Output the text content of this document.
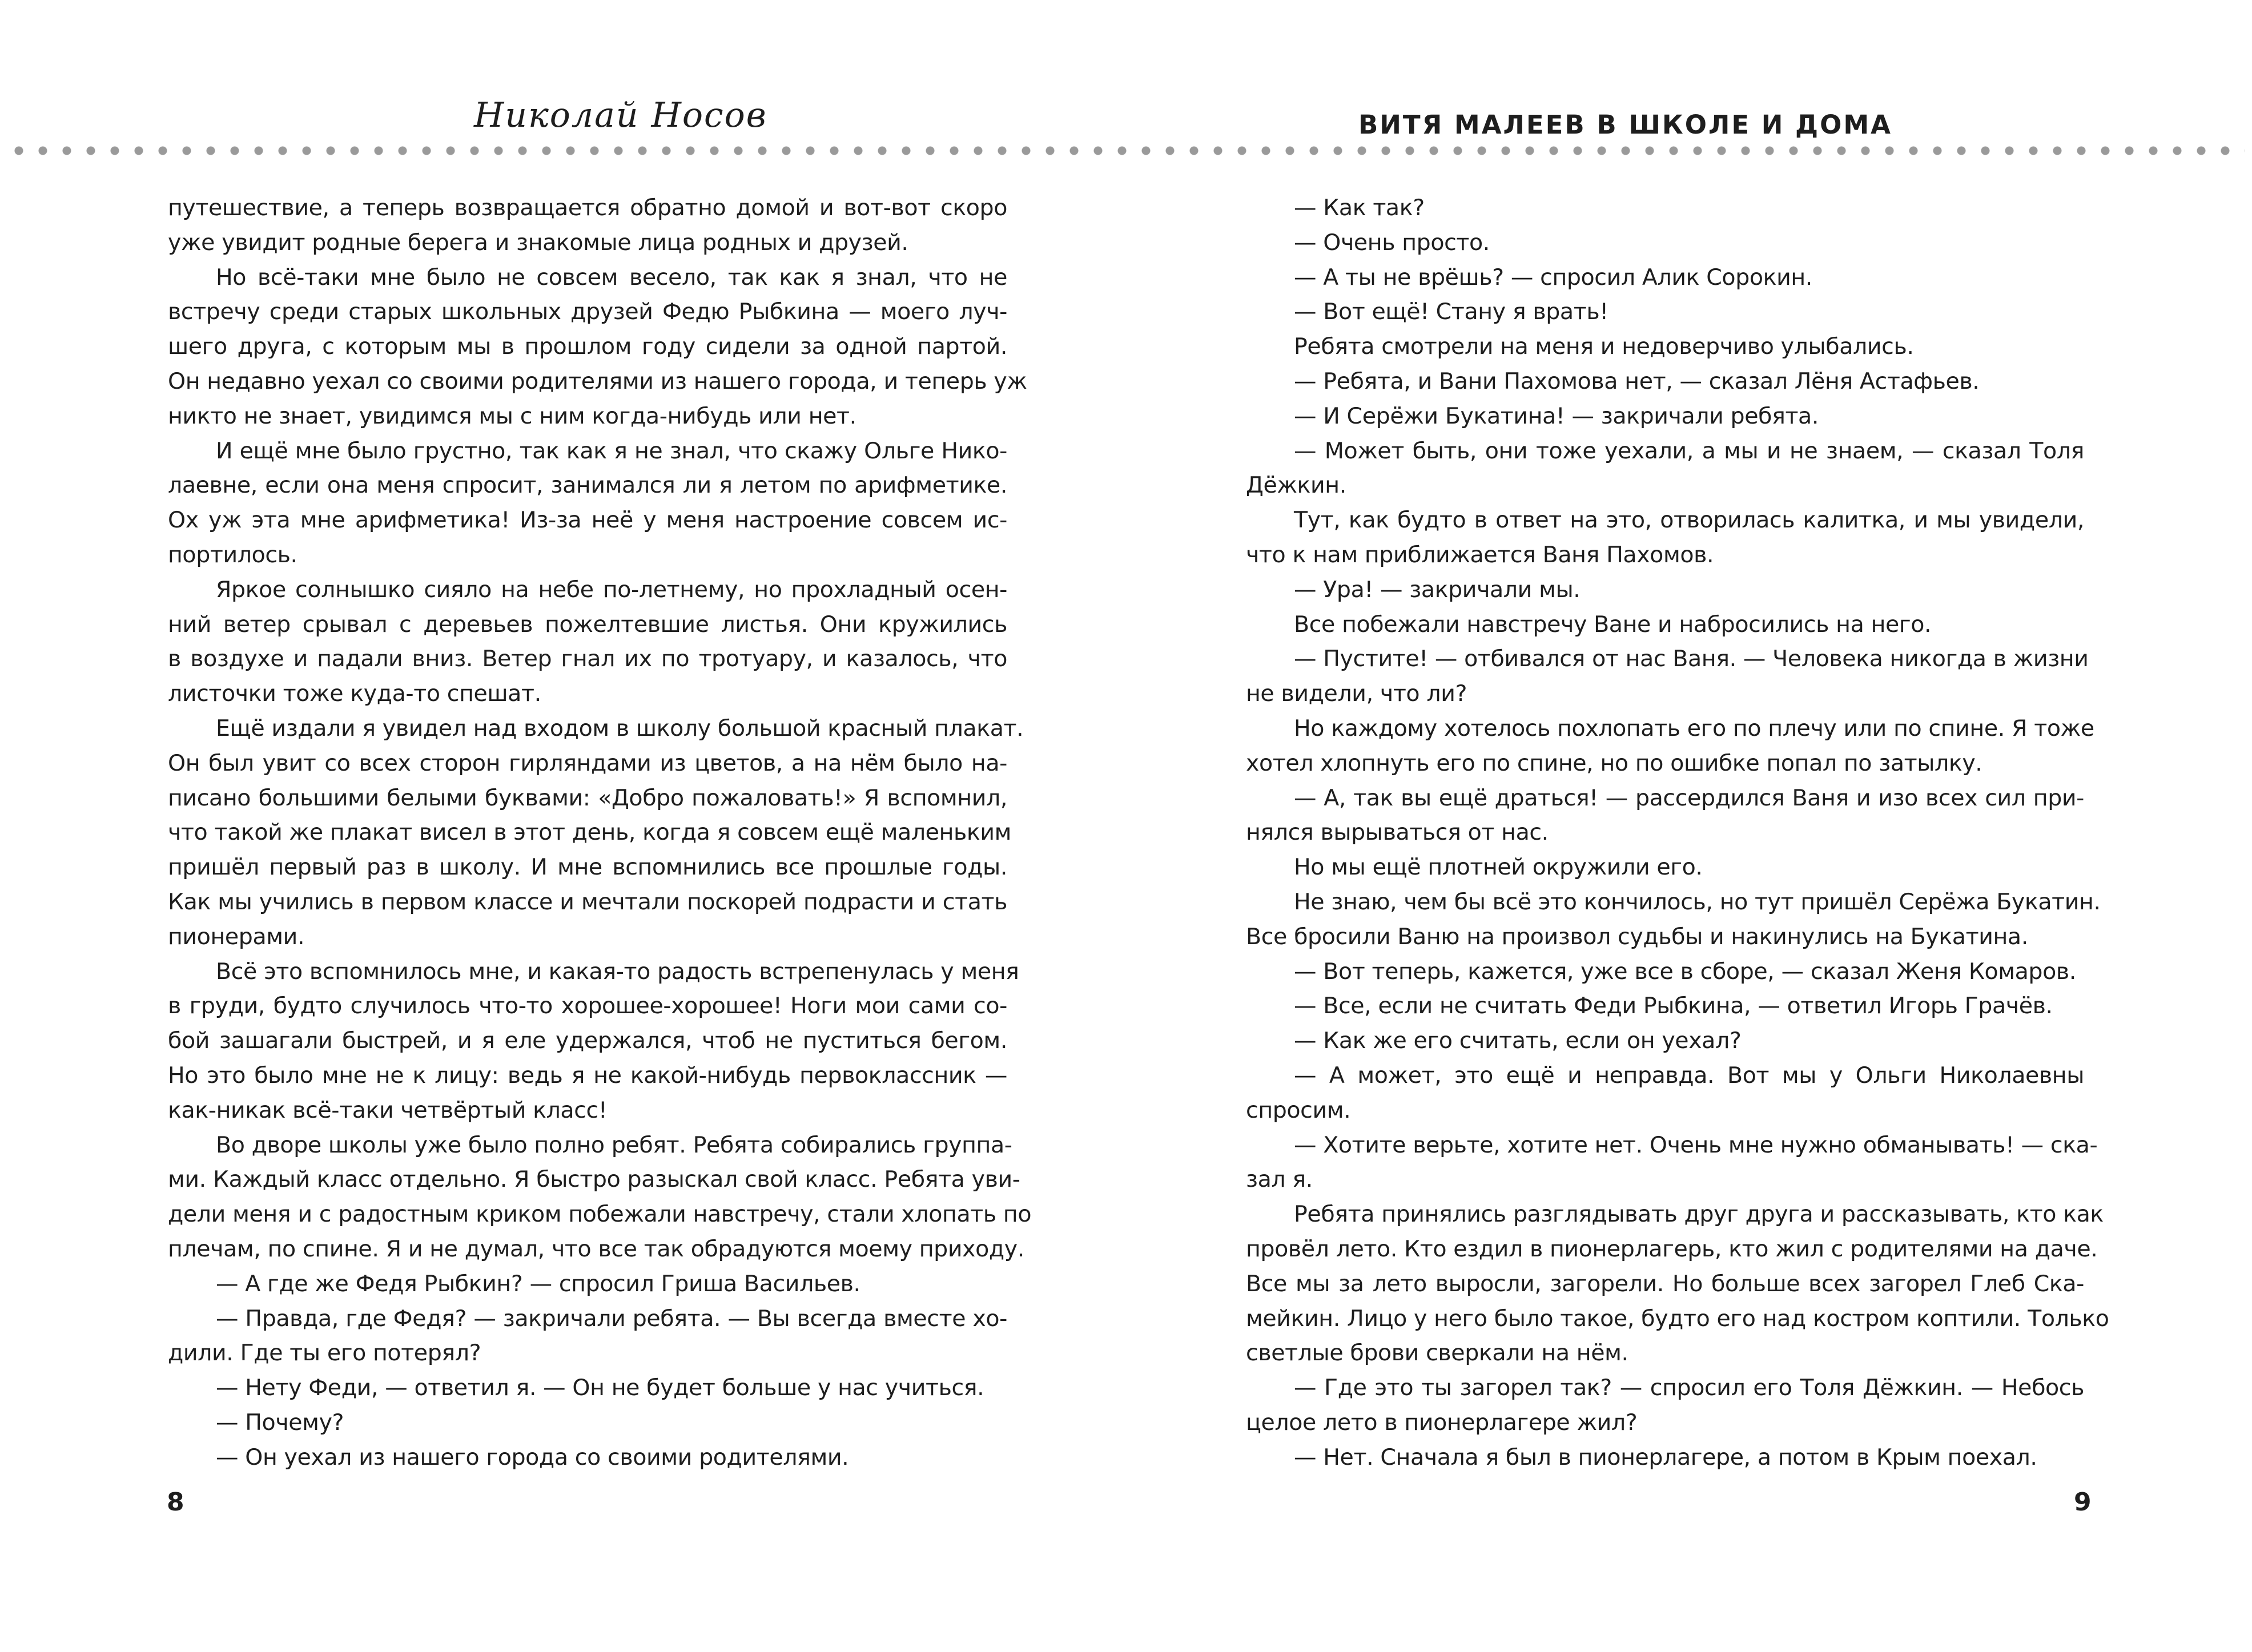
Николай Носов	ВИТЯ МАЛЕЕВ В ШКОЛЕ И ДОМА
путешествие, а теперь возвращается обратно домой и вот-вот скоро
уже увидит родные берега и знакомые лица родных и друзей.
Но всё-таки мне было не совсем весело, так как я знал, что не
встречу среди старых школьных друзей Федю Рыбкина — моего луч-
шего друга, с которым мы в прошлом году сидели за одной партой.
Он недавно уехал со своими родителями из нашего города, и теперь уж
никто не знает, увидимся мы с ним когда-нибудь или нет.
И ещё мне было грустно, так как я не знал, что скажу Ольге Нико-
лаевне, если она меня спросит, занимался ли я летом по арифметике.
Ох уж эта мне арифметика! Из-за неё у меня настроение совсем ис-
портилось.
Яркое солнышко сияло на небе по-летнему, но прохладный осен-
ний ветер срывал с деревьев пожелтевшие листья. Они кружились
в воздухе и падали вниз. Ветер гнал их по тротуару, и казалось, что
листочки тоже куда-то спешат.
Ещё издали я увидел над входом в школу большой красный плакат.
Он был увит со всех сторон гирляндами из цветов, а на нём было на-
писано большими белыми буквами: «Добро пожаловать!» Я вспомнил,
что такой же плакат висел в этот день, когда я совсем ещё маленьким
пришёл первый раз в школу. И мне вспомнились все прошлые годы.
Как мы учились в первом классе и мечтали поскорей подрасти и стать
пионерами.
Всё это вспомнилось мне, и какая-то радость встрепенулась у меня
в груди, будто случилось что-то хорошее-хорошее! Ноги мои сами со-
бой зашагали быстрей, и я еле удержался, чтоб не пуститься бегом.
Но это было мне не к лицу: ведь я не какой-нибудь первоклассник —
как-никак всё-таки четвёртый класс!
Во дворе школы уже было полно ребят. Ребята собирались группа-
ми. Каждый класс отдельно. Я быстро разыскал свой класс. Ребята уви-
дели меня и с радостным криком побежали навстречу, стали хлопать по
плечам, по спине. Я и не думал, что все так обрадуются моему приходу.
— А где же Федя Рыбкин? — спросил Гриша Васильев.
— Правда, где Федя? — закричали ребята. — Вы всегда вместе хо-
дили. Где ты его потерял?
— Нету Феди, — ответил я. — Он не будет больше у нас учиться.
— Почему?
— Он уехал из нашего города со своими родителями.
— Как так?
— Очень просто.
— А ты не врёшь? — спросил Алик Сорокин.
— Вот ещё! Стану я врать!
Ребята смотрели на меня и недоверчиво улыбались.
— Ребята, и Вани Пахомова нет, — сказал Лёня Астафьев.
— И Серёжи Букатина! — закричали ребята.
— Может быть, они тоже уехали, а мы и не знаем, — сказал Толя
Дёжкин.
Тут, как будто в ответ на это, отворилась калитка, и мы увидели,
что к нам приближается Ваня Пахомов.
— Ура! — закричали мы.
Все побежали навстречу Ване и набросились на него.
— Пустите! — отбивался от нас Ваня. — Человека никогда в жизни
не видели, что ли?
Но каждому хотелось похлопать его по плечу или по спине. Я тоже
хотел хлопнуть его по спине, но по ошибке попал по затылку.
— А, так вы ещё драться! — рассердился Ваня и изо всех сил при-
нялся вырываться от нас.
Но мы ещё плотней окружили его.
Не знаю, чем бы всё это кончилось, но тут пришёл Серёжа Букатин.
Все бросили Ваню на произвол судьбы и накинулись на Букатина.
— Вот теперь, кажется, уже все в сборе, — сказал Женя Комаров.
— Все, если не считать Феди Рыбкина, — ответил Игорь Грачёв.
— Как же его считать, если он уехал?
— А может, это ещё и неправда. Вот мы у Ольги Николаевны
спросим.
— Хотите верьте, хотите нет. Очень мне нужно обманывать! — ска-
зал я.
Ребята принялись разглядывать друг друга и рассказывать, кто как
провёл лето. Кто ездил в пионерлагерь, кто жил с родителями на даче.
Все мы за лето выросли, загорели. Но больше всех загорел Глеб Ска-
мейкин. Лицо у него было такое, будто его над костром коптили. Только
светлые брови сверкали на нём.
— Где это ты загорел так? — спросил его Толя Дёжкин. — Небось
целое лето в пионерлагере жил?
— Нет. Сначала я был в пионерлагере, а потом в Крым поехал.
8	9
